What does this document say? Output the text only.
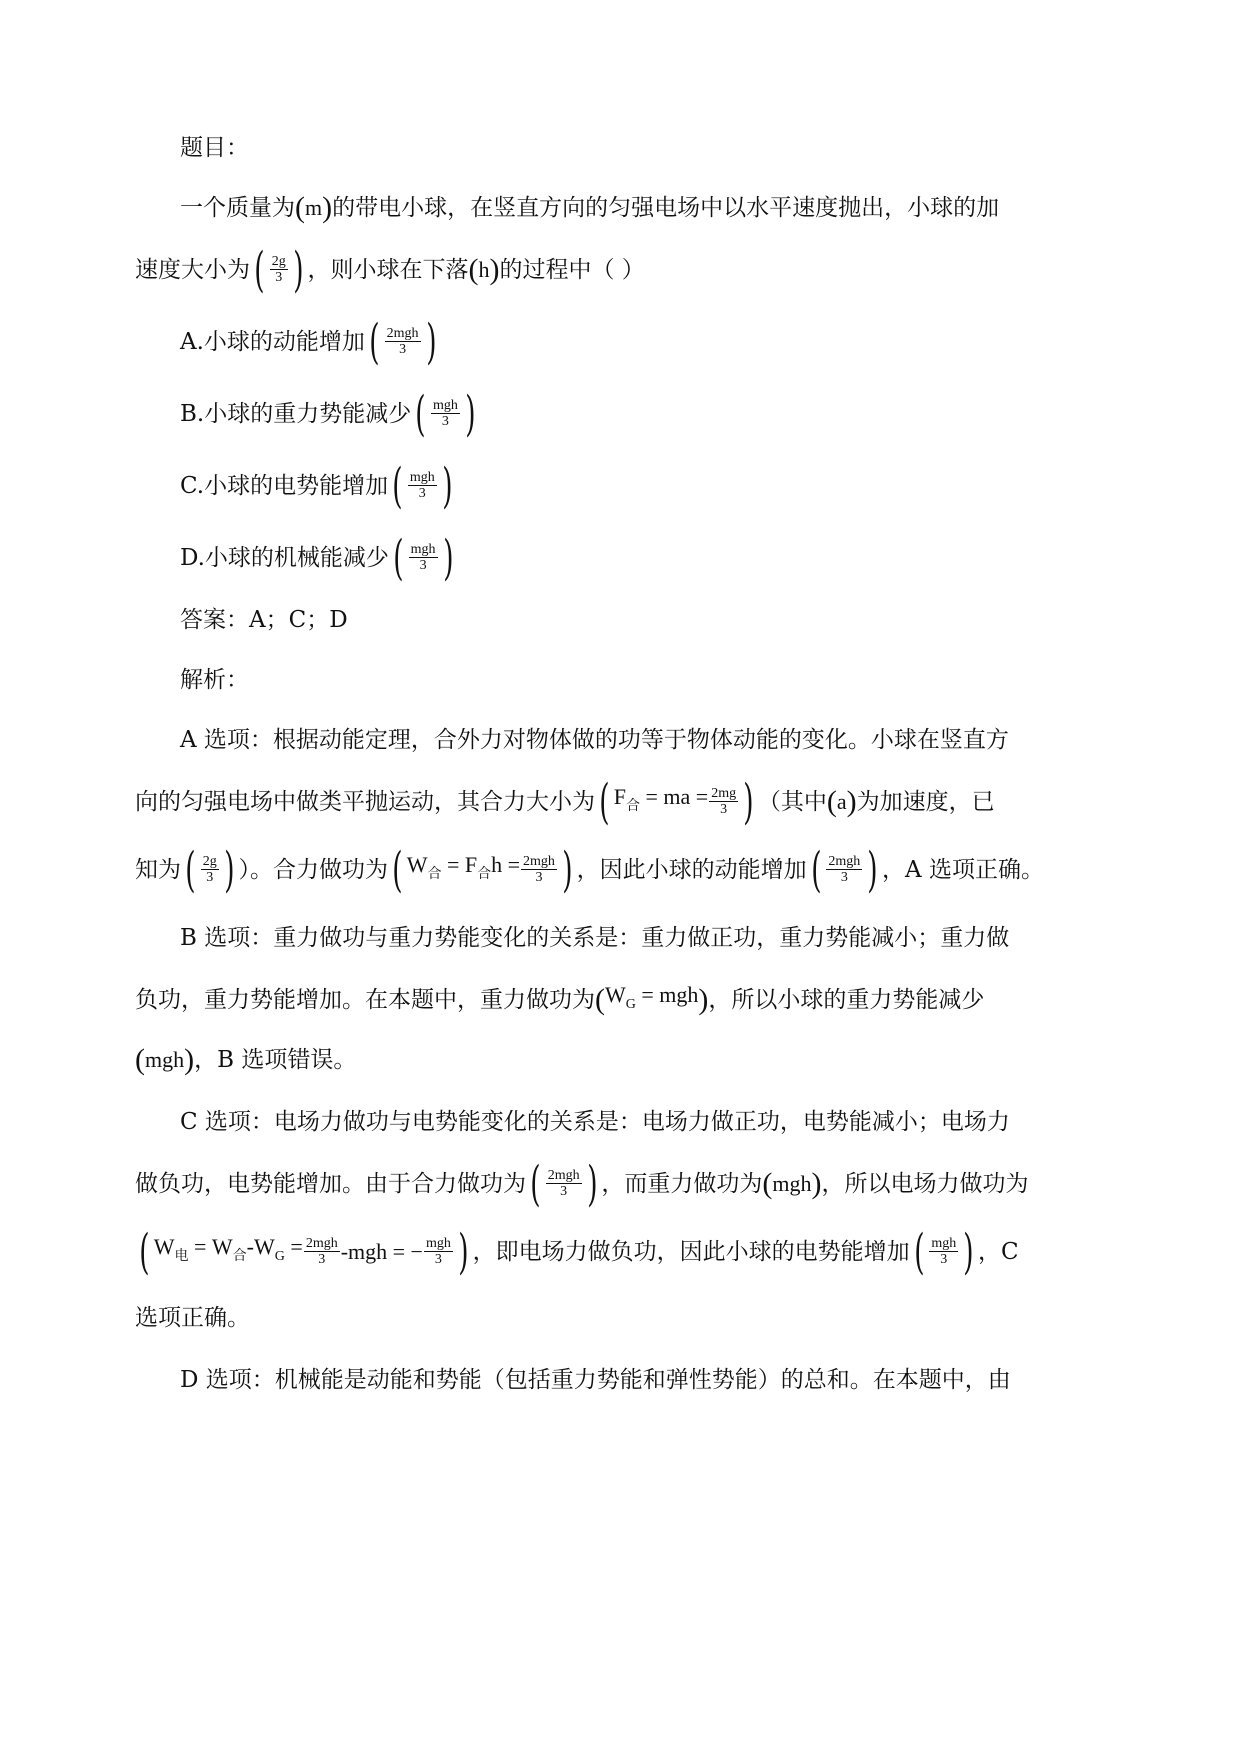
题目：
一个质量为 ( m ) 的带电小球，在竖直方向的匀强电场中以水平速度抛出，小球的加
速度大小为 ( $\frac{2g}{3}$ ) ，则小球在下落 ( h ) 的过程中（ ）
A.小球的动能增加 ( $\frac{\text{2mgh}}{3}$ )
B.小球的重力势能减少 ( $\frac{\text{mgh}}{3}$ )
C.小球的电势能增加 ( $\frac{\text{mgh}}{3}$ )
D.小球的机械能减少 ( $\frac{\text{mgh}}{3}$ )
答案：A；C；D
解析：
A 选项：根据动能定理，合外力对物体做的功等于物体动能的变化。小球在竖直方
向的匀强电场中做类平抛运动，其合力大小为 ( $F_合$ = ma = $\frac{2mg}{3}$ ) （其中 ( a ) 为加速度，已
知为 ( $\frac{2g}{3}$ ) ）。合力做功为 ( $W_合 = F_合h = \frac{\text{2mgh}}{3}$ ) ，因此小球的动能增加 ( $\frac{\text{2mgh}}{3}$ ) ，A 选项正确。
B 选项：重力做功与重力势能变化的关系是：重力做正功，重力势能减小；重力做
负功，重力势能增加。在本题中，重力做功为 ( $W_G$ = mgh ) ，所以小球的重力势能减少
( mgh ) ，B 选项错误。
C 选项：电场力做功与电势能变化的关系是：电场力做正功，电势能减小；电场力
做负功，电势能增加。由于合力做功为 ( $\frac{\text{2mgh}}{3}$ ) ，而重力做功为 ( mgh ) ，所以电场力做功为
( $W_电 = W_合-W_G = \frac{\text{2mgh}}{3} -mgh$ = − $\frac{\text{mgh}}{3}$ ) ，即电场力做负功，因此小球的电势能增加 ( $\frac{\text{mgh}}{3}$ ) ，C
选项正确。
D 选项：机械能是动能和势能（包括重力势能和弹性势能）的总和。在本题中，由
